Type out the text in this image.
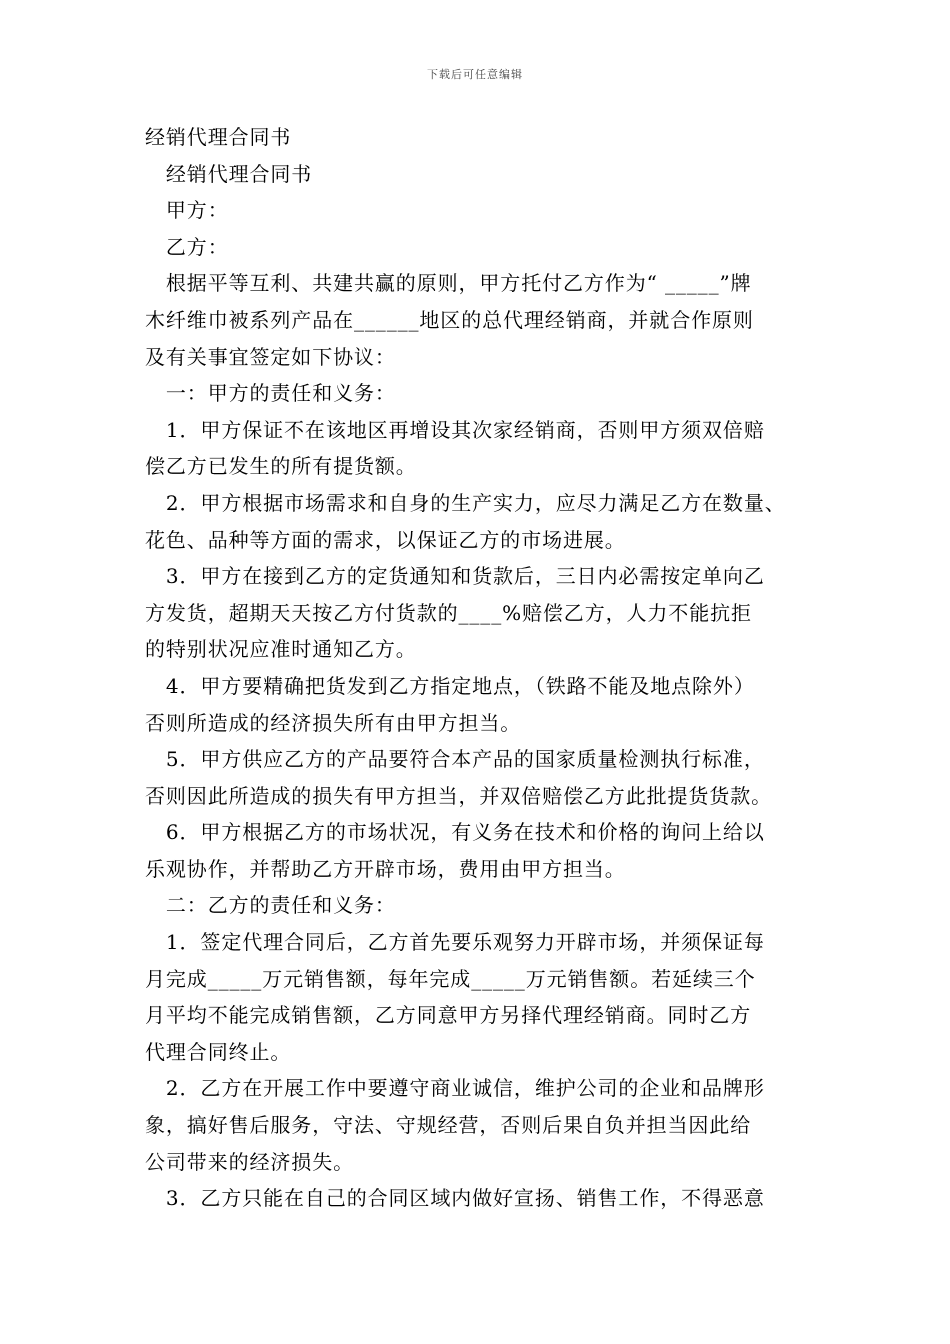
下载后可任意编辑
经销代理合同书
　经销代理合同书
　甲方：
　乙方：
　根据平等互利、共建共赢的原则，甲方托付乙方作为“ _____”牌
木纤维巾被系列产品在______地区的总代理经销商，并就合作原则
及有关事宜签定如下协议：
　一：甲方的责任和义务：
　1．甲方保证不在该地区再增设其次家经销商，否则甲方须双倍赔
偿乙方已发生的所有提货额。
　2．甲方根据市场需求和自身的生产实力，应尽力满足乙方在数量、
花色、品种等方面的需求，以保证乙方的市场进展。
　3．甲方在接到乙方的定货通知和货款后，三日内必需按定单向乙
方发货，超期天天按乙方付货款的____%赔偿乙方，人力不能抗拒
的特别状况应准时通知乙方。
　4．甲方要精确把货发到乙方指定地点，（铁路不能及地点除外）
否则所造成的经济损失所有由甲方担当。
　5．甲方供应乙方的产品要符合本产品的国家质量检测执行标准，
否则因此所造成的损失有甲方担当，并双倍赔偿乙方此批提货货款。
　6．甲方根据乙方的市场状况，有义务在技术和价格的询问上给以
乐观协作，并帮助乙方开辟市场，费用由甲方担当。
　二：乙方的责任和义务：
　1．签定代理合同后，乙方首先要乐观努力开辟市场，并须保证每
月完成_____万元销售额，每年完成_____万元销售额。若延续三个
月平均不能完成销售额，乙方同意甲方另择代理经销商。同时乙方
代理合同终止。
　2．乙方在开展工作中要遵守商业诚信，维护公司的企业和品牌形
象，搞好售后服务，守法、守规经营，否则后果自负并担当因此给
公司带来的经济损失。
　3．乙方只能在自己的合同区域内做好宣扬、销售工作，不得恶意
